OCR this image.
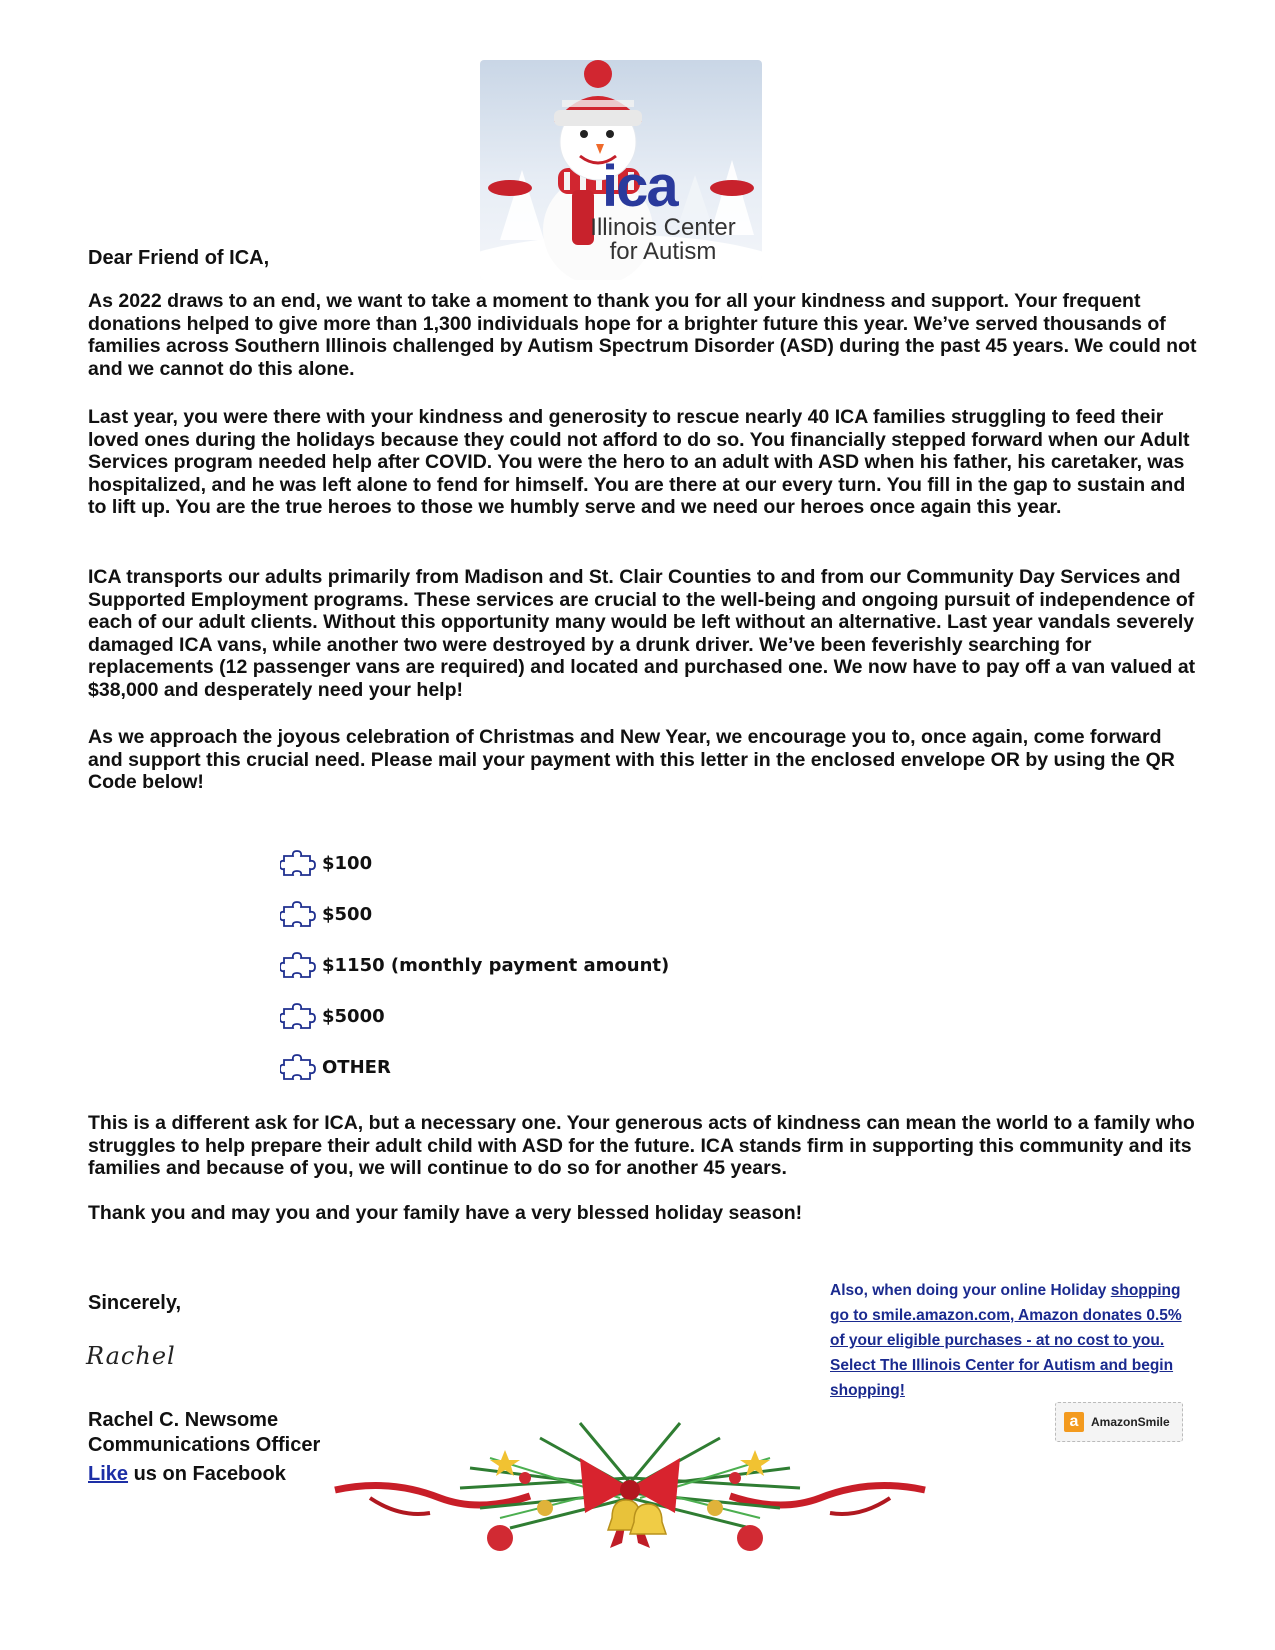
ica
Illinois Center
for Autism
Dear Friend of ICA,

As 2022 draws to an end, we want to take a moment to thank you for all your kindness and support. Your frequent donations helped to give more than 1,300 individuals hope for a brighter future this year. We’ve served thousands of families across Southern Illinois challenged by Autism Spectrum Disorder (ASD) during the past 45 years. We could not and we cannot do this alone.

Last year, you were there with your kindness and generosity to rescue nearly 40 ICA families struggling to feed their loved ones during the holidays because they could not afford to do so. You financially stepped forward when our Adult Services program needed help after COVID. You were the hero to an adult with ASD when his father, his caretaker, was hospitalized, and he was left alone to fend for himself. You are there at our every turn. You fill in the gap to sustain and to lift up. You are the true heroes to those we humbly serve and we need our heroes once again this year.

ICA transports our adults primarily from Madison and St. Clair Counties to and from our Community Day Services and Supported Employment programs. These services are crucial to the well-being and ongoing pursuit of independence of each of our adult clients. Without this opportunity many would be left without an alternative. Last year vandals severely damaged ICA vans, while another two were destroyed by a drunk driver. We’ve been feverishly searching for replacements (12 passenger vans are required) and located and purchased one. We now have to pay off a van valued at $38,000 and desperately need your help!

As we approach the joyous celebration of Christmas and New Year, we encourage you to, once again, come forward and support this crucial need. Please mail your payment with this letter in the enclosed envelope OR by using the QR Code below!

$100
$500
$1150 (monthly payment amount)
$5000
OTHER

This is a different ask for ICA, but a necessary one. Your generous acts of kindness can mean the world to a family who struggles to help prepare their adult child with ASD for the future. ICA stands firm in supporting this community and its families and because of you, we will continue to do so for another 45 years.

Thank you and may you and your family have a very blessed holiday season!

Sincerely,
Rachel
Rachel C. Newsome
Communications Officer
Like us on Facebook
Also, when doing your online Holiday shopping go to smile.amazon.com, Amazon donates 0.5% of your eligible purchases - at no cost to you. Select The Illinois Center for Autism and begin shopping!
a	AmazonSmile
